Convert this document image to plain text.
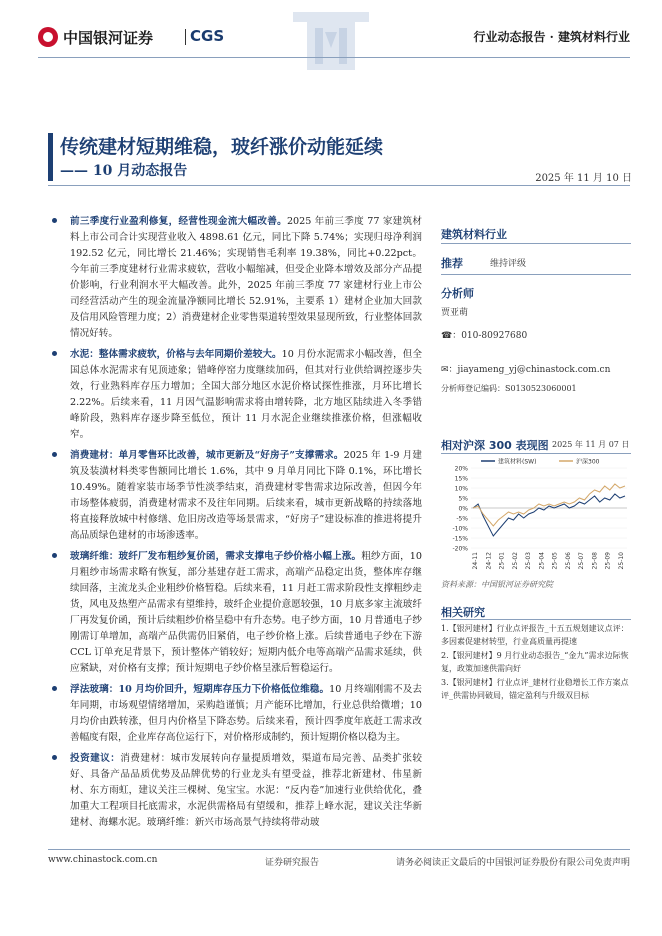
中国银河证券 CGS	行业动态报告 · 建筑材料行业
传统建材短期维稳，玻纤涨价动能延续
—— 10 月动态报告	2025 年 11 月 10 日
前三季度行业盈利修复，经营性现金流大幅改善。2025 年前三季度 77 家建筑材料上市公司合计实现营业收入 4898.61 亿元，同比下降 5.74%；实现归母净利润 192.52 亿元，同比增长 21.46%；实现销售毛利率 19.38%，同比+0.22pct。今年前三季度建材行业需求疲软，营收小幅缩减，但受企业降本增效及部分产品提价影响，行业利润水平大幅改善。此外，2025 年前三季度 77 家建材行业上市公司经营活动产生的现金流量净额同比增长 52.91%，主要系 1）建材企业加大回款及信用风险管理力度；2）消费建材企业零售渠道转型效果显现所致，行业整体回款情况好转。
水泥：整体需求疲软，价格与去年同期价差较大。10 月份水泥需求小幅改善，但全国总体水泥需求有见顶迹象；错峰停窑力度继续加码，但其对行业供给调控逐步失效，行业熟料库存压力增加；全国大部分地区水泥价格试探性推涨，月环比增长 2.22%。后续来看，11 月因气温影响需求将由增转降，北方地区陆续进入冬季错峰阶段，熟料库存逐步降至低位，预计 11 月水泥企业继续推涨价格，但涨幅收窄。
消费建材：单月零售环比改善，城市更新及“好房子”支撑需求。2025 年 1-9 月建筑及装潢材料类零售额同比增长 1.6%，其中 9 月单月同比下降 0.1%，环比增长 10.49%。随着家装市场季节性淡季结束，消费建材零售需求边际改善，但因今年市场整体疲弱，消费建材需求不及往年同期。后续来看，城市更新战略的持续落地将直接释放城中村修缮、危旧房改造等场景需求，“好房子”建设标准的推进将提升高品质绿色建材的市场渗透率。
玻璃纤维：玻纤厂发布粗纱复价函，需求支撑电子纱价格小幅上涨。粗纱方面，10 月粗纱市场需求略有恢复，部分基建存赶工需求，高端产品稳定出货，整体库存继续回落，主流龙头企业粗纱价格暂稳。后续来看，11 月赶工需求阶段性支撑粗纱走货，风电及热塑产品需求有望维持，玻纤企业提价意愿较强，10 月底多家主流玻纤厂再发复价函，预计后续粗纱价格呈稳中有升态势。电子纱方面，10 月普通电子纱刚需订单增加，高端产品供需仍旧紧俏，电子纱价格上涨。后续普通电子纱在下游 CCL 订单充足背景下，预计整体产销较好；短期内低介电等高端产品需求延续，供应紧缺，对价格有支撑；预计短期电子纱价格呈涨后暂稳运行。
浮法玻璃：10 月均价回升，短期库存压力下价格低位维稳。10 月终端刚需不及去年同期，市场观望情绪增加，采购趋谨慎；月产能环比增加，行业总供给微增；10 月均价由跌转涨，但月内价格呈下降态势。后续来看，预计四季度年底赶工需求改善幅度有限，企业库存高位运行下，对价格形成制约，预计短期价格以稳为主。
投资建议：消费建材：城市发展转向存量提质增效，渠道布局完善、品类扩张较好、具备产品品质优势及品牌优势的行业龙头有望受益，推荐北新建材、伟星新材、东方雨虹，建议关注三棵树、兔宝宝。水泥：“反内卷”加速行业供给优化，叠加重大工程项目托底需求，水泥供需格局有望缓和，推荐上峰水泥，建议关注华新建材、海螺水泥。玻璃纤维：新兴市场高景气持续将带动玻
建筑材料行业
推荐	维持评级
分析师
贾亚萌
☎：010-80927680
✉：jiayameng_yj@chinastock.com.cn
分析师登记编码：S0130523060001
相对沪深 300 表现图 2025 年 11 月 07 日
20%
15%
10%
5%
0%
-5%
-10%
-15%
-20%
24-11 24-12 25-01 25-02 25-03 25-04 25-05 25-06 25-07 25-08 25-09 25-10
建筑材料(SW)	沪深300
资料来源：中国银河证券研究院
相关研究
1.【银河建材】行业点评报告_十五五规划建议点评：多因素促建材转型，行业高质量再提速
2.【银河建材】9 月行业动态报告_“金九”需求边际恢复，政策加速供需向好
3.【银河建材】行业点评_建材行业稳增长工作方案点评_供需协同破局，锚定盈利与升级双目标
www.chinastock.com.cn	证券研究报告	请务必阅读正文最后的中国银河证券股份有限公司免责声明
